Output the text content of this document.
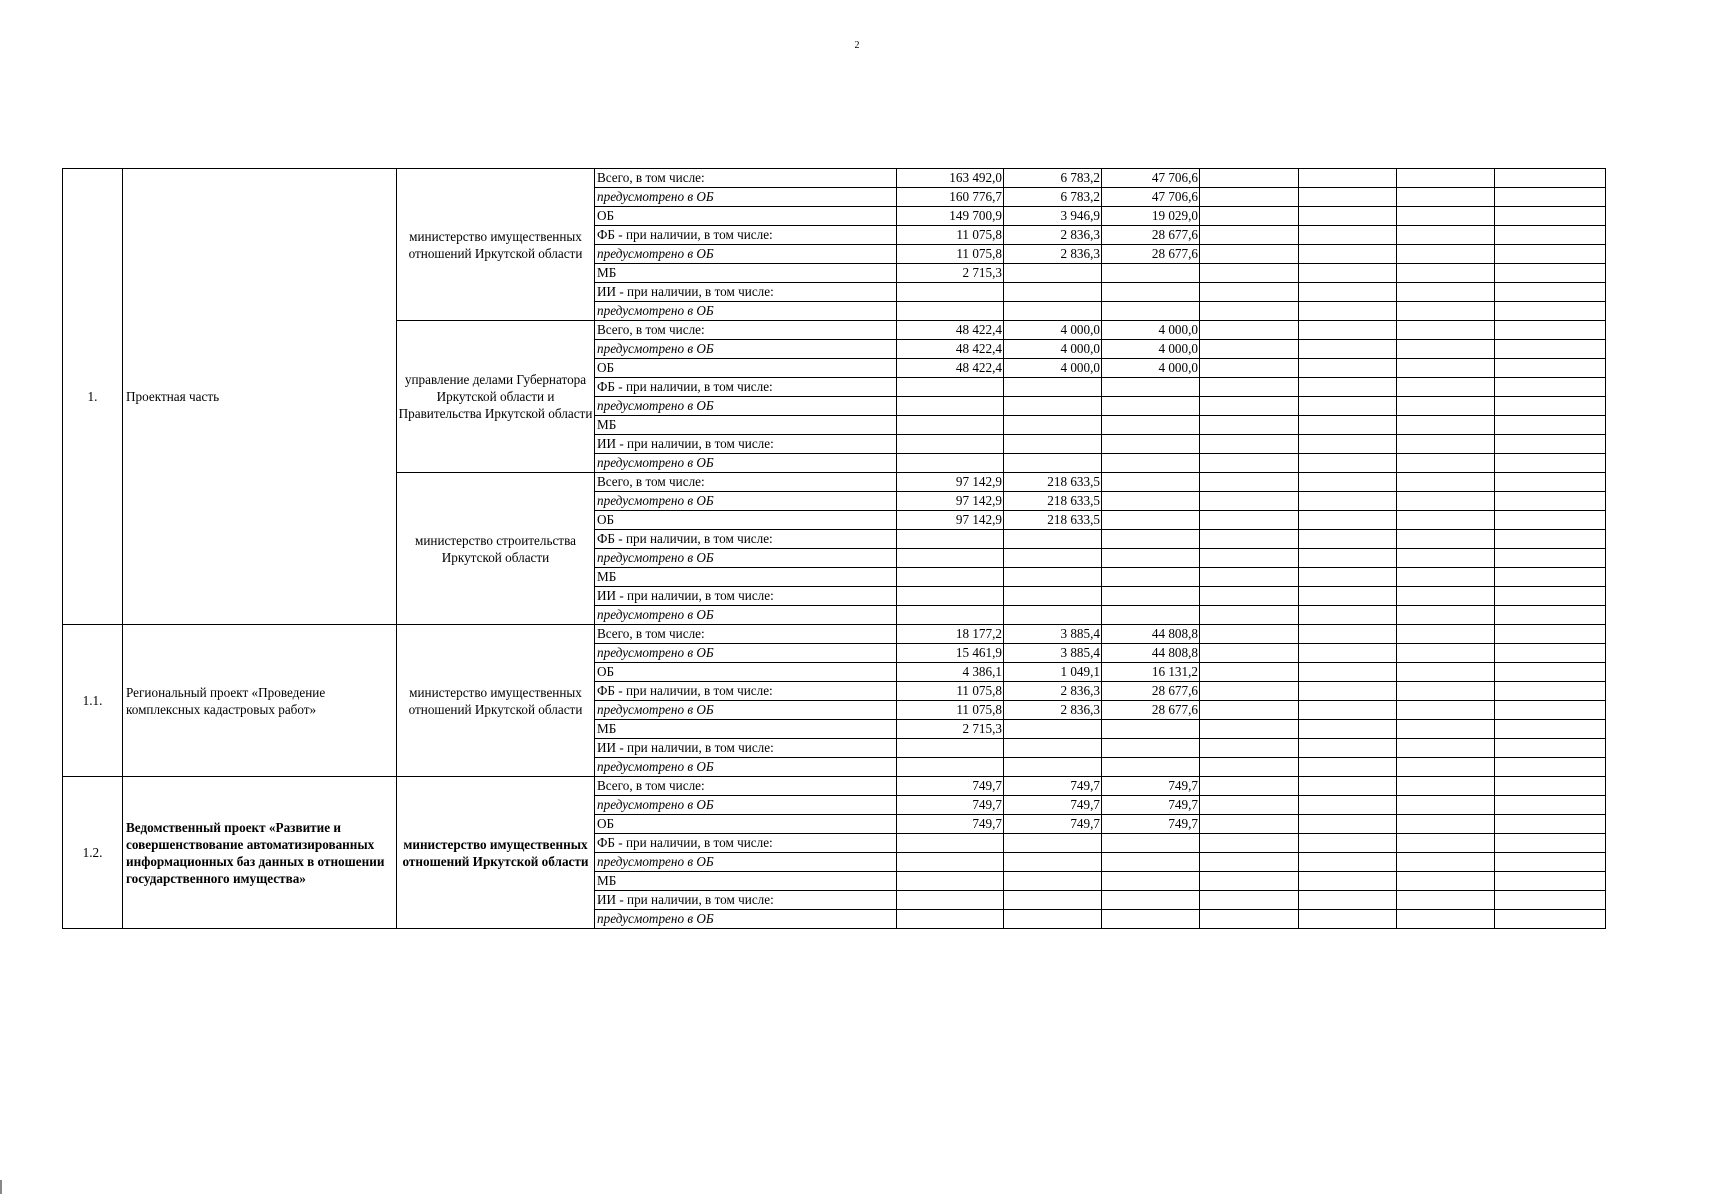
2
1.	Проектная часть	министерство имущественных отношений Иркутской области	Всего, в том числе:	163 492,0	6 783,2	47 706,6				
			предусмотрено в ОБ	160 776,7	6 783,2	47 706,6				
			ОБ	149 700,9	3 946,9	19 029,0				
			ФБ - при наличии, в том числе:	11 075,8	2 836,3	28 677,6				
			предусмотрено в ОБ	11 075,8	2 836,3	28 677,6				
			МБ	2 715,3						
			ИИ - при наличии, в том числе:							
			предусмотрено в ОБ							
		управление делами Губернатора Иркутской области и Правительства Иркутской области	Всего, в том числе:	48 422,4	4 000,0	4 000,0				
			предусмотрено в ОБ	48 422,4	4 000,0	4 000,0				
			ОБ	48 422,4	4 000,0	4 000,0				
			ФБ - при наличии, в том числе:							
			предусмотрено в ОБ							
			МБ							
			ИИ - при наличии, в том числе:							
			предусмотрено в ОБ							
		министерство строительства Иркутской области	Всего, в том числе:	97 142,9	218 633,5					
			предусмотрено в ОБ	97 142,9	218 633,5					
			ОБ	97 142,9	218 633,5					
			ФБ - при наличии, в том числе:							
			предусмотрено в ОБ							
			МБ							
			ИИ - при наличии, в том числе:							
			предусмотрено в ОБ							
1.1.	Региональный проект «Проведение комплексных кадастровых работ»	министерство имущественных отношений Иркутской области	Всего, в том числе:	18 177,2	3 885,4	44 808,8				
			предусмотрено в ОБ	15 461,9	3 885,4	44 808,8				
			ОБ	4 386,1	1 049,1	16 131,2				
			ФБ - при наличии, в том числе:	11 075,8	2 836,3	28 677,6				
			предусмотрено в ОБ	11 075,8	2 836,3	28 677,6				
			МБ	2 715,3						
			ИИ - при наличии, в том числе:							
			предусмотрено в ОБ							
1.2.	Ведомственный проект «Развитие и совершенствование автоматизированных информационных баз данных в отношении государственного имущества»	министерство имущественных отношений Иркутской области	Всего, в том числе:	749,7	749,7	749,7				
			предусмотрено в ОБ	749,7	749,7	749,7				
			ОБ	749,7	749,7	749,7				
			ФБ - при наличии, в том числе:							
			предусмотрено в ОБ							
			МБ							
			ИИ - при наличии, в том числе:							
			предусмотрено в ОБ							
